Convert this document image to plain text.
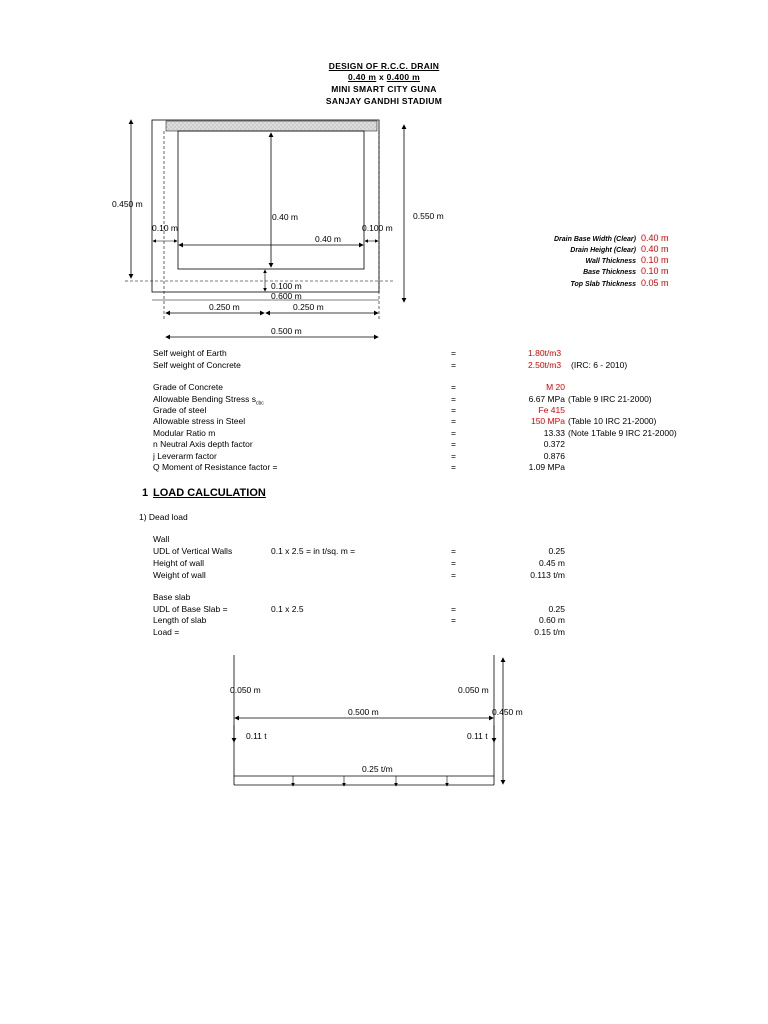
DESIGN OF R.C.C. DRAIN
0.40 m x 0.400 m
MINI SMART CITY GUNA
SANJAY GANDHI STADIUM
0.450 m
0.40 m	0.550 m
0.10 m	0.100 m
0.40 m
0.100 m
0.600 m
0.250 m	0.250 m
0.500 m
Drain Base Width (Clear) 0.40 m
Drain Height (Clear) 0.40 m
Wall Thickness 0.10 m
Base Thickness 0.10 m
Top Slab Thickness 0.05 m
Self weight of Earth	=	1.80t/m3
Self weight of Concrete	=	2.50t/m3 (IRC: 6 - 2010)
Grade of Concrete	=	M 20
Allowable Bending Stress $s_{cbc}$	=	6.67 MPa (Table 9 IRC 21-2000)
Grade of steel	=	Fe 415
Allowable stress in Steel	=	150 MPa (Table 10 IRC 21-2000)
Modular Ratio m	=	13.33 (Note 1Table 9 IRC 21-2000)
n Neutral Axis depth factor	=	0.372
j Leverarm factor	=	0.876
Q Moment of Resistance factor =	=	1.09 MPa
1 LOAD CALCULATION
1) Dead load
Wall
UDL of Vertical Walls	0.1 x 2.5 = in t/sq. m =	=	0.25
Height of wall	=	0.45 m
Weight of wall	=	0.113 t/m
Base slab
UDL of Base Slab =	0.1 x 2.5	=	0.25
Length of slab	=	0.60 m
Load =	0.15 t/m
0.050 m	0.050 m
0.500 m	0.450 m
0.11 t	0.11 t
0.25 t/m
